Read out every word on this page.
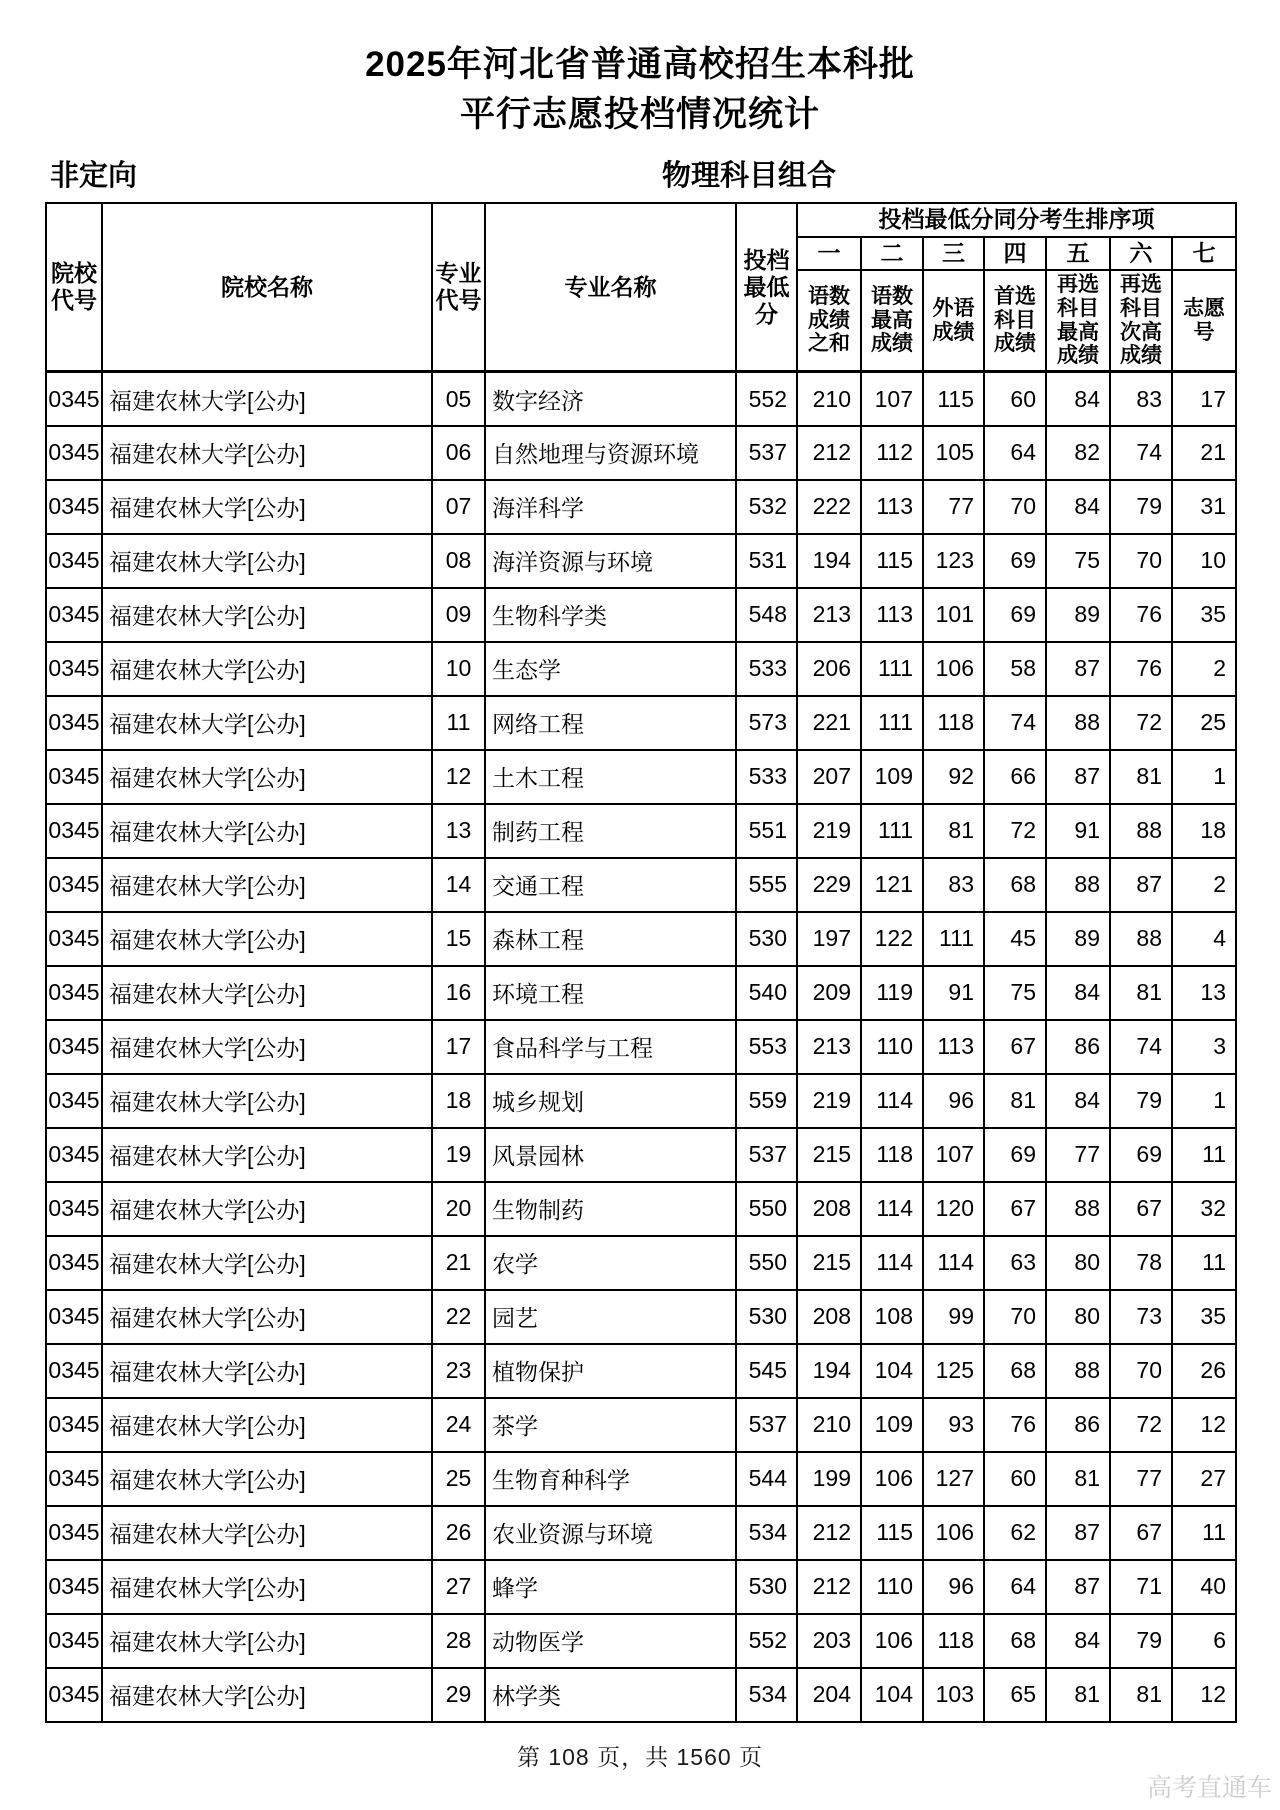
2025年河北省普通高校招生本科批
平行志愿投档情况统计
非定向	物理科目组合
院校代号	院校名称	专业代号	专业名称	投档最低分	投档最低分同分考生排序项						
					一	二	三	四	五	六	七
					语数成绩之和	语数最高成绩	外语成绩	首选科目成绩	再选科目最高成绩	再选科目次高成绩	志愿号
0345	福建农林大学[公办]	05	数字经济	552	210	107	115	60	84	83	17
0345	福建农林大学[公办]	06	自然地理与资源环境	537	212	112	105	64	82	74	21
0345	福建农林大学[公办]	07	海洋科学	532	222	113	77	70	84	79	31
0345	福建农林大学[公办]	08	海洋资源与环境	531	194	115	123	69	75	70	10
0345	福建农林大学[公办]	09	生物科学类	548	213	113	101	69	89	76	35
0345	福建农林大学[公办]	10	生态学	533	206	111	106	58	87	76	2
0345	福建农林大学[公办]	11	网络工程	573	221	111	118	74	88	72	25
0345	福建农林大学[公办]	12	土木工程	533	207	109	92	66	87	81	1
0345	福建农林大学[公办]	13	制药工程	551	219	111	81	72	91	88	18
0345	福建农林大学[公办]	14	交通工程	555	229	121	83	68	88	87	2
0345	福建农林大学[公办]	15	森林工程	530	197	122	111	45	89	88	4
0345	福建农林大学[公办]	16	环境工程	540	209	119	91	75	84	81	13
0345	福建农林大学[公办]	17	食品科学与工程	553	213	110	113	67	86	74	3
0345	福建农林大学[公办]	18	城乡规划	559	219	114	96	81	84	79	1
0345	福建农林大学[公办]	19	风景园林	537	215	118	107	69	77	69	11
0345	福建农林大学[公办]	20	生物制药	550	208	114	120	67	88	67	32
0345	福建农林大学[公办]	21	农学	550	215	114	114	63	80	78	11
0345	福建农林大学[公办]	22	园艺	530	208	108	99	70	80	73	35
0345	福建农林大学[公办]	23	植物保护	545	194	104	125	68	88	70	26
0345	福建农林大学[公办]	24	茶学	537	210	109	93	76	86	72	12
0345	福建农林大学[公办]	25	生物育种科学	544	199	106	127	60	81	77	27
0345	福建农林大学[公办]	26	农业资源与环境	534	212	115	106	62	87	67	11
0345	福建农林大学[公办]	27	蜂学	530	212	110	96	64	87	71	40
0345	福建农林大学[公办]	28	动物医学	552	203	106	118	68	84	79	6
0345	福建农林大学[公办]	29	林学类	534	204	104	103	65	81	81	12
第 108 页，共 1560 页
高考直通车
